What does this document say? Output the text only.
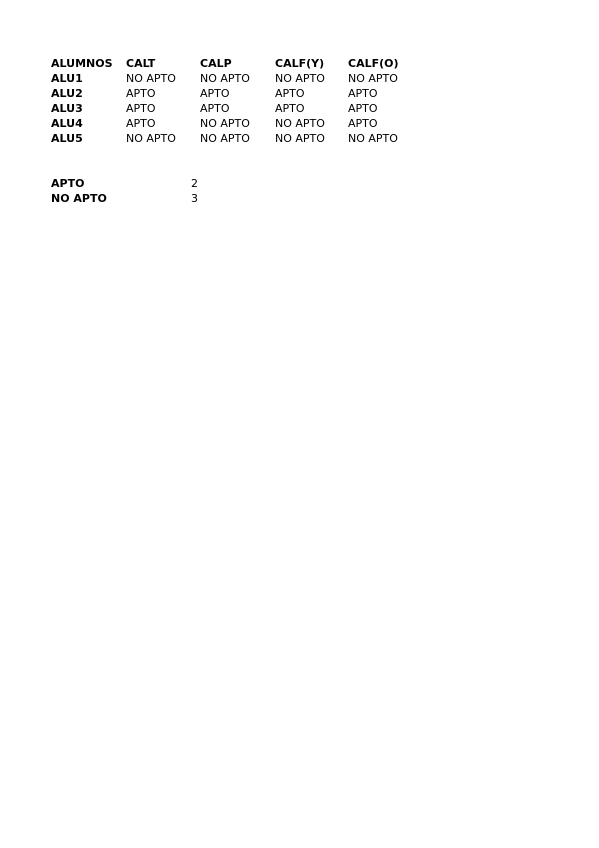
ALUMNOS	CALT	CALP	CALF(Y)	CALF(O)
ALU1	NO APTO	NO APTO	NO APTO	NO APTO
ALU2	APTO	APTO	APTO	APTO
ALU3	APTO	APTO	APTO	APTO
ALU4	APTO	NO APTO	NO APTO	APTO
ALU5	NO APTO	NO APTO	NO APTO	NO APTO
APTO	2
NO APTO	3
